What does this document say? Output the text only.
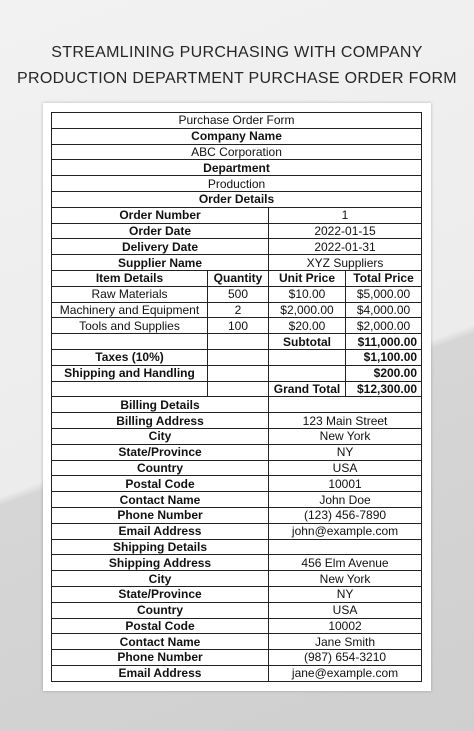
STREAMLINING PURCHASING WITH COMPANY
PRODUCTION DEPARTMENT PURCHASE ORDER FORM
Purchase Order Form			
Company Name			
ABC Corporation			
Department			
Production			
Order Details			
Order Number		1	
Order Date		2022-01-15	
Delivery Date		2022-01-31	
Supplier Name		XYZ Suppliers	
Item Details	Quantity	Unit Price	Total Price
Raw Materials	500	$10.00	$5,000.00
Machinery and Equipment	2	$2,000.00	$4,000.00
Tools and Supplies	100	$20.00	$2,000.00
		Subtotal	$11,000.00
Taxes (10%)			$1,100.00
Shipping and Handling			$200.00
		Grand Total	$12,300.00
Billing Details			
Billing Address		123 Main Street	
City		New York	
State/Province		NY	
Country		USA	
Postal Code		10001	
Contact Name		John Doe	
Phone Number		(123) 456-7890	
Email Address		john@example.com	
Shipping Details			
Shipping Address		456 Elm Avenue	
City		New York	
State/Province		NY	
Country		USA	
Postal Code		10002	
Contact Name		Jane Smith	
Phone Number		(987) 654-3210	
Email Address		jane@example.com	
